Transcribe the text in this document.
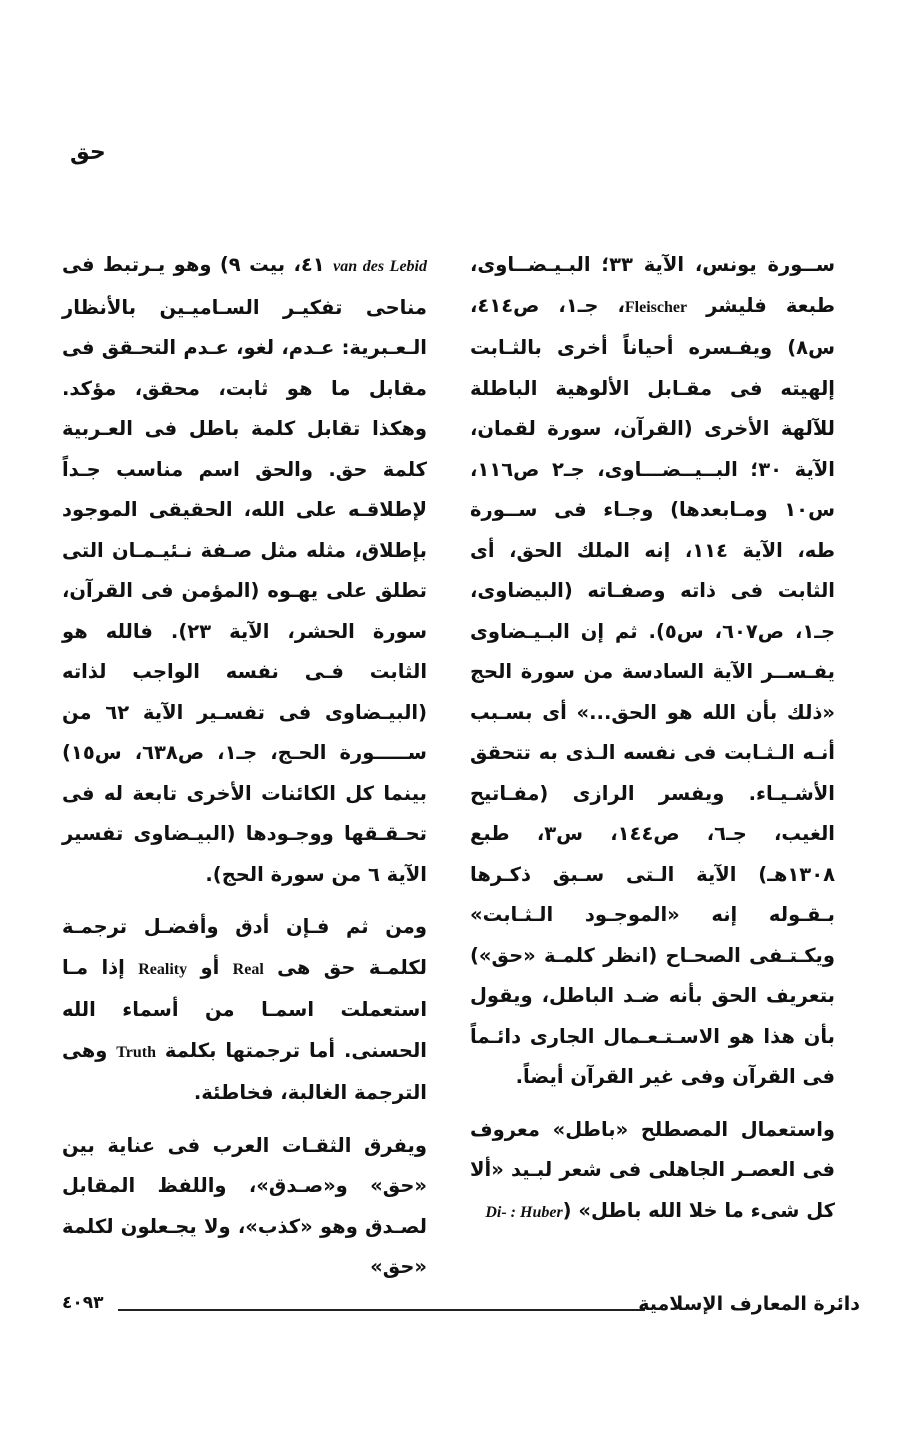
حق

ســورة يونس، الآية ٣٣؛ البـيـضــاوى، طبعة فليشر Fleischer، جـ١، ص٤١٤، س٨) ويفـسره أحياناً أخرى بالثـابت إلهيته فى مقـابل الألوهية الباطلة للآلهة الأخرى (القرآن، سورة لقمان، الآية ٣٠؛ البــيــضـــاوى، جـ٢ ص١١٦، س١٠ ومـابعدها) وجـاء فى ســورة طه، الآية ١١٤، إنه الملك الحق، أى الثابت فى ذاته وصفـاته (البيضاوى، جـ١، ص٦٠٧، س٥). ثم إن البـيـضاوى يفـســر الآية السادسة من سورة الحج «ذلك بأن الله هو الحق...» أى بسـبب أنـه الـثـابت فى نفسه الـذى به تتحقق الأشـيـاء. ويفسر الرازى (مفـاتيح الغيب، جـ٦، ص١٤٤، س٣، طبع ١٣٠٨هـ) الآية الـتى سـبق ذكـرها بـقـوله إنه «الموجـود الـثـابت» ويكـتـفى الصحـاح (انظر كلمـة «حق») بتعريف الحق بأنه ضـد الباطل، ويقول بأن هذا هو الاسـتـعـمال الجارى دائـماً فى القرآن وفى غير القرآن أيضاً.

واستعمال المصطلح «باطل» معروف فى العصـر الجاهلى فى شعر لبـيد «ألا كل شىء ما خلا الله باطل» (Di- : Huber

van des Lebid ٤١، بيت ٩) وهو يـرتبط فى مناحى تفكيـر السـاميـين بالأنظار الـعـبرية: عـدم، لغو، عـدم التحـقق فى مقابل ما هو ثابت، محقق، مؤكد. وهكذا تقابل كلمة باطل فى العـربية كلمة حق. والحق اسم مناسب جـداً لإطلاقـه على الله، الحقيقى الموجود بإطلاق، مثله مثل صـفة نـئيـمـان التى تطلق على يهـوه (المؤمن فى القرآن، سورة الحشر، الآية ٢٣). فالله هو الثابت فـى نفسه الواجب لذاته (البيـضاوى فى تفسـير الآية ٦٢ من ســـــورة الحـج، جـ١، ص٦٣٨، س١٥) بينما كل الكائنات الأخرى تابعة له فى تحـقـقها ووجـودها (البيـضاوى تفسير الآية ٦ من سورة الحج).

ومن ثم فـإن أدق وأفضـل ترجمـة لكلمـة حق هى Real أو Reality إذا مـا استعملت اسمـا من أسماء الله الحسنى. أما ترجمتها بكلمة Truth وهى الترجمة الغالبة، فخاطئة.

ويفرق الثقـات العرب فى عناية بين «حق» و«صـدق»، واللفظ المقابل لصـدق وهو «كذب»، ولا يجـعلون لكلمة «حق»

٤٠٩٣	دائرة المعارف الإسلامية
